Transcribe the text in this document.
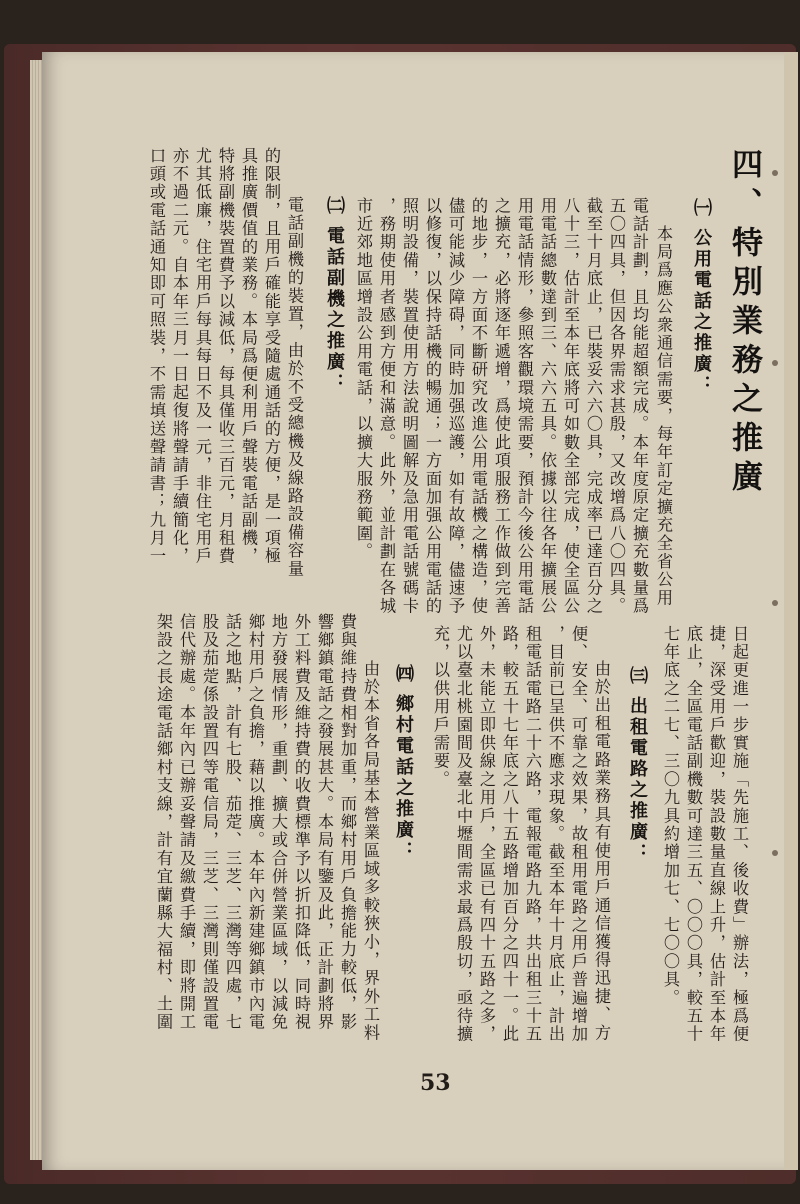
四、特別業務之推廣
㈠ 公用電話之推廣：
本局爲應公衆通信需要，每年訂定擴充全省公用
電話計劃，且均能超額完成。本年度原定擴充數量爲
五〇四具，但因各界需求甚殷，又改增爲八〇四具。
截至十月底止，已裝妥六六〇具，完成率已達百分之
八十三，估計至本年底將可如數全部完成，使全區公
用電話總數達到三、六六五具。依據以往各年擴展公
用電話情形，參照客觀環境需要，預計今後公用電話
之擴充，必將逐年遞增，爲使此項服務工作做到完善
的地步，一方面不斷研究改進公用電話機之構造，使
儘可能減少障碍，同時加强巡護，如有故障，儘速予
以修復，以保持話機的暢通；一方面加强公用電話的
照明設備，裝置使用方法說明圖解及急用電話號碼卡
，務期使用者感到方便和滿意。此外，並計劃在各城
市近郊地區增設公用電話，以擴大服務範圍。
㈡ 電話副機之推廣：
電話副機的裝置，由於不受總機及線路設備容量
的限制，且用戶確能享受隨處通話的方便，是一項極
具推廣價值的業務。本局爲便利用戶聲裝電話副機，
特將副機裝置費予以減低，每具僅收三百元，月租費
尤其低廉，住宅用戶每具每日不及一元，非住宅用戶
亦不過二元。自本年三月一日起復將聲請手續簡化，
口頭或電話通知即可照裝，不需填送聲請書；九月一
日起更進一步實施「先施工、後收費」辦法，極爲便
捷，深受用戶歡迎，裝設數量直線上升，估計至本年
底止，全區電話副機數可達三五、〇〇〇具，較五十
七年底之二七、三〇九具約增加七、七〇〇具。
㈢ 出租電路之推廣：
由於出租電路業務具有使用戶通信獲得迅捷、方
便、安全、可靠之效果，故租用電路之用戶普遍增加
，目前已呈供不應求現象。截至本年十月底止，計出
租電話電路二十六路，電報電路九路，共出租三十五
路，較五十七年底之八十五路增加百分之四十一。此
外，未能立即供線之用戶，全區已有四十五路之多，
尤以臺北桃園間及臺北中壢間需求最爲殷切，亟待擴
充，以供用戶需要。
㈣ 鄉村電話之推廣：
由於本省各局基本營業區域多較狹小，界外工料
費與維持費相對加重，而鄉村用戶負擔能力較低，影
響鄉鎮電話之發展甚大。本局有鑒及此，正計劃將界
外工料費及維持費的收費標準予以折扣降低，同時視
地方發展情形，重劃、擴大或合併營業區域，以減免
鄉村用戶之負擔，藉以推廣。本年內新建鄉鎮市內電
話之地點，計有七股、茄萣、三芝、三灣等四處，七
股及茄萣係設置四等電信局，三芝、三灣則僅設置電
信代辦處。本年內已辦妥聲請及繳費手續，即將開工
架設之長途電話鄉村支線，計有宜蘭縣大福村、土圍
53
